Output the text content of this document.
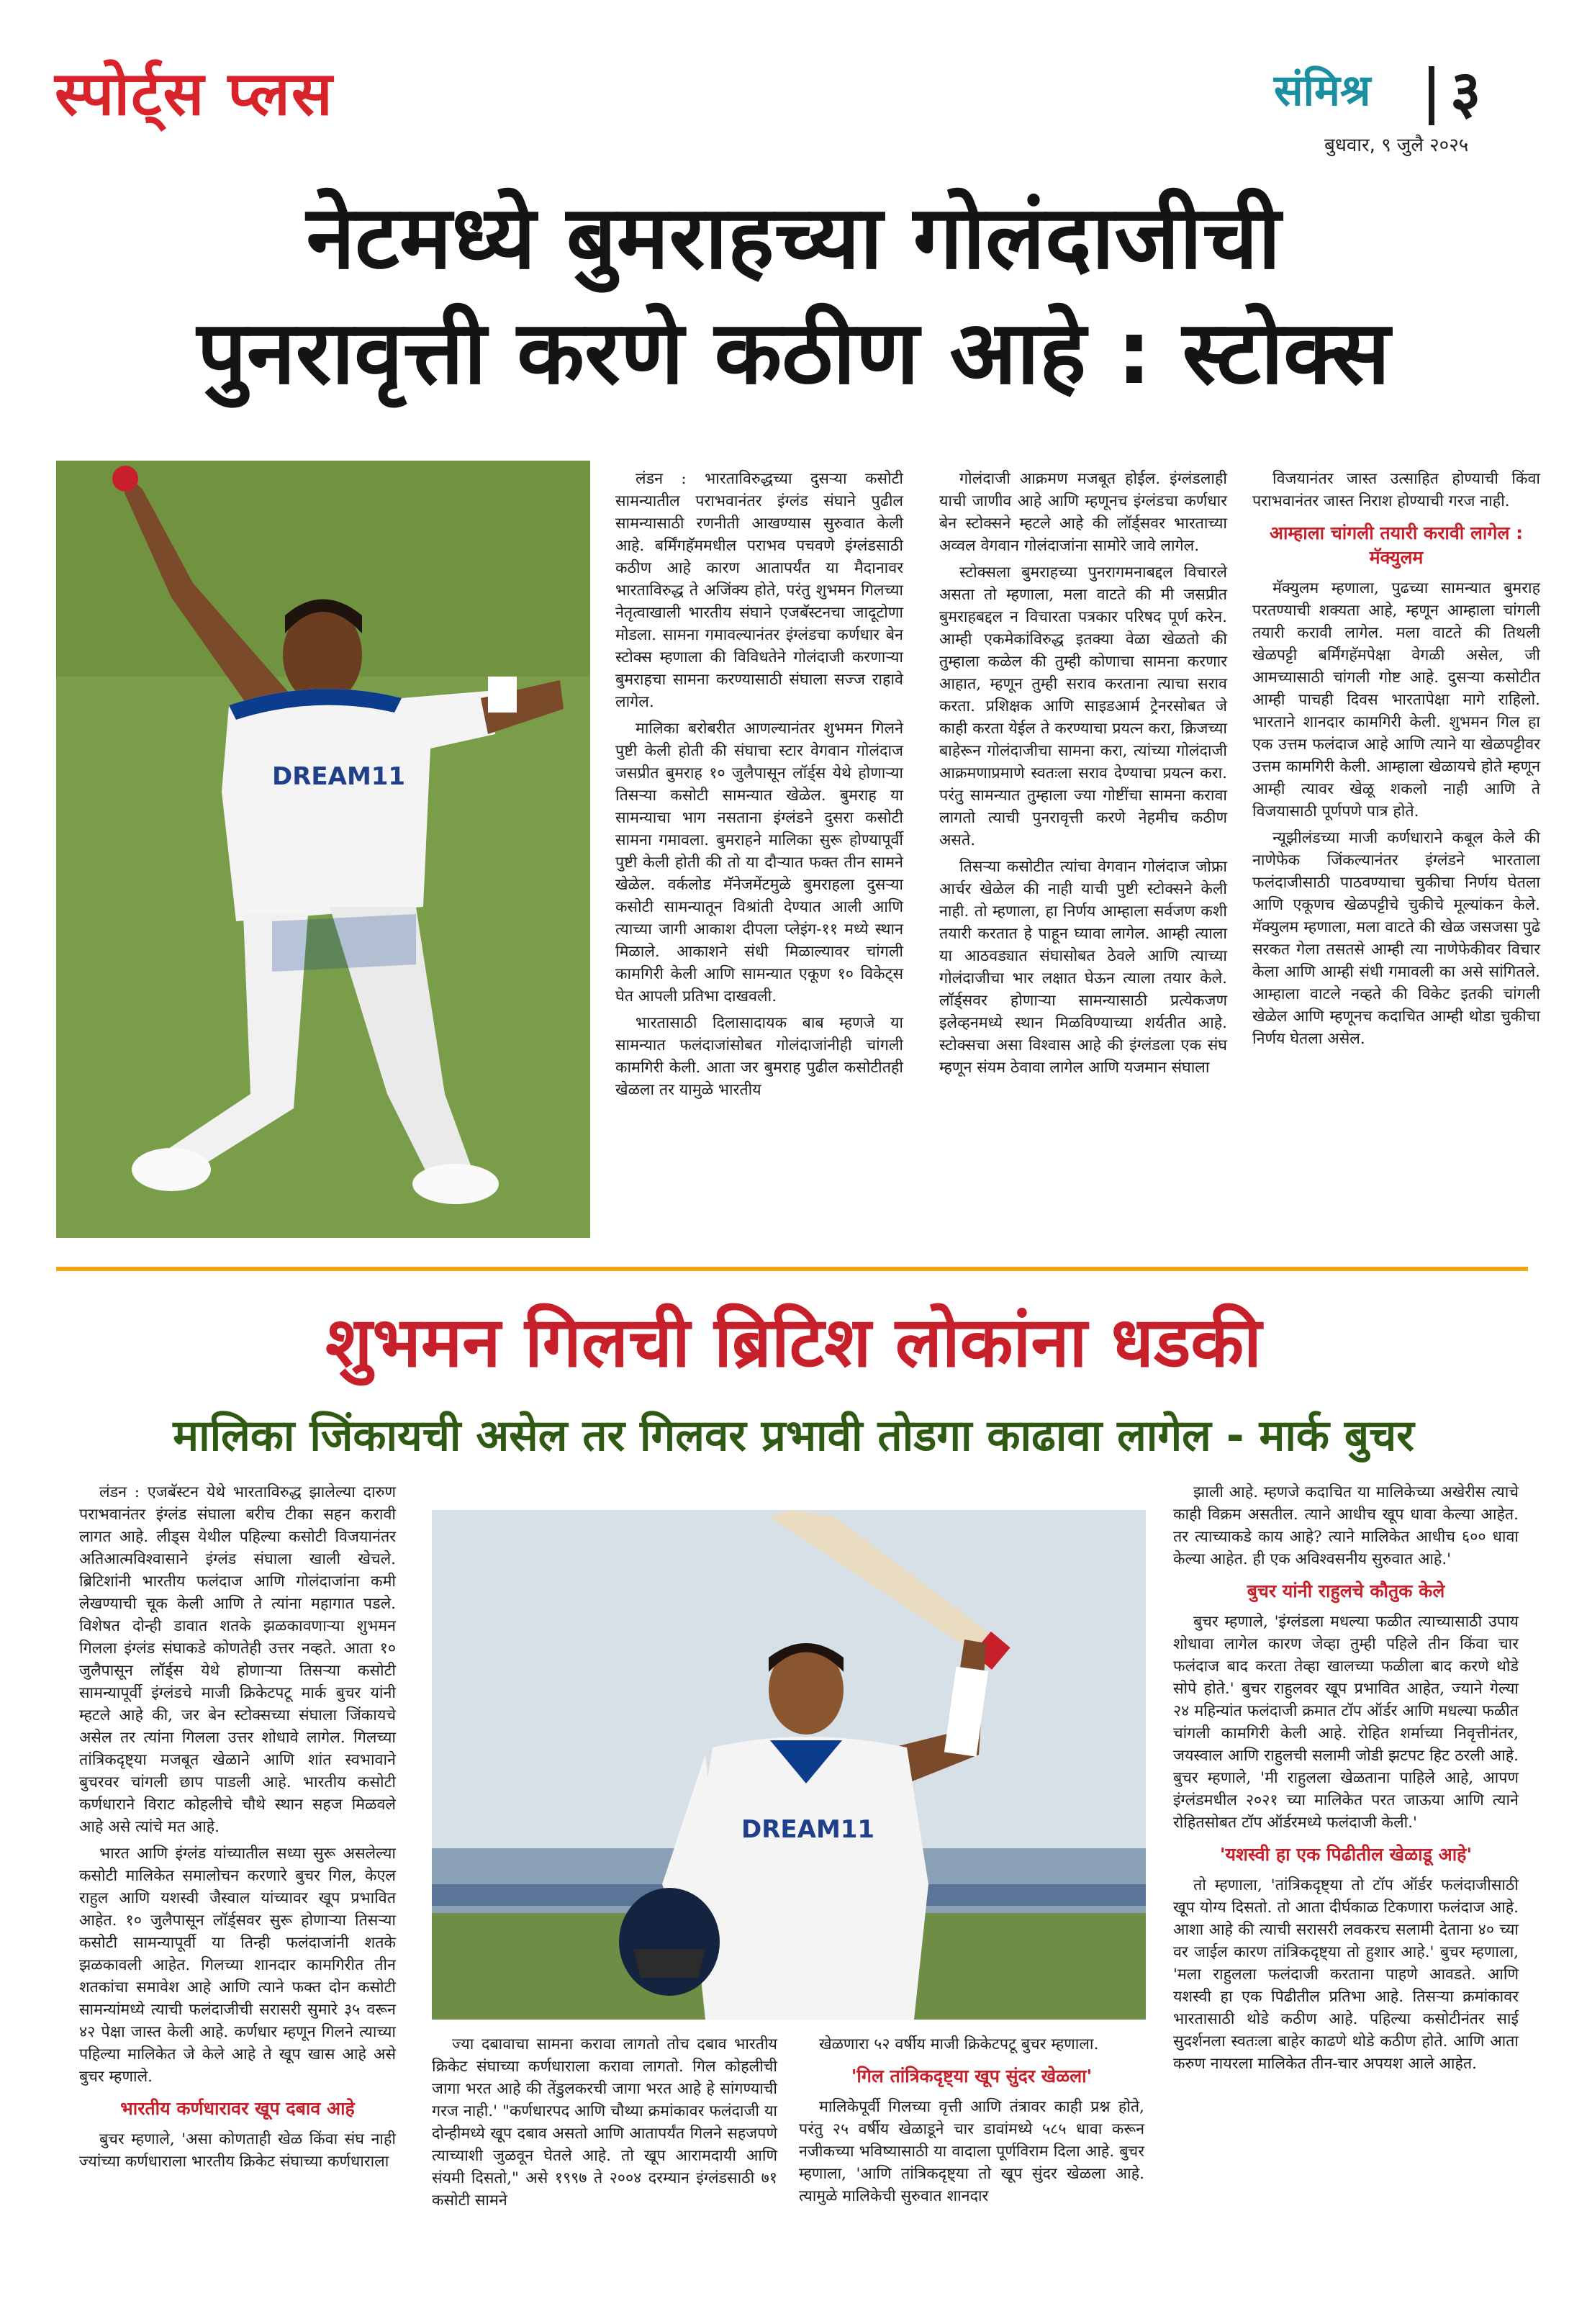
स्पोर्ट्स प्लस	संमिश्र ३
बुधवार, ९ जुलै २०२५
नेटमध्ये बुमराहच्या गोलंदाजीची
पुनरावृत्ती करणे कठीण आहे : स्टोक्स
DREAM11

लंडन : भारताविरुद्धच्या दुसऱ्या कसोटी सामन्यातील पराभवानंतर इंग्लंड संघाने पुढील सामन्यासाठी रणनीती आखण्यास सुरुवात केली आहे. बर्मिंगहॅममधील पराभव पचवणे इंग्लंडसाठी कठीण आहे कारण आतापर्यंत या मैदानावर भारताविरुद्ध ते अजिंक्य होते, परंतु शुभमन गिलच्या नेतृत्वाखाली भारतीय संघाने एजबॅस्टनचा जादूटोणा मोडला. सामना गमावल्यानंतर इंग्लंडचा कर्णधार बेन स्टोक्स म्हणाला की विविधतेने गोलंदाजी करणाऱ्या बुमराहचा सामना करण्यासाठी संघाला सज्ज राहावे लागेल.

मालिका बरोबरीत आणल्यानंतर शुभमन गिलने पुष्टी केली होती की संघाचा स्टार वेगवान गोलंदाज जसप्रीत बुमराह १० जुलैपासून लॉर्ड्स येथे होणाऱ्या तिसऱ्या कसोटी सामन्यात खेळेल. बुमराह या सामन्याचा भाग नसताना इंग्लंडने दुसरा कसोटी सामना गमावला. बुमराहने मालिका सुरू होण्यापूर्वी पुष्टी केली होती की तो या दौऱ्यात फक्त तीन सामने खेळेल. वर्कलोड मॅनेजमेंटमुळे बुमराहला दुसऱ्या कसोटी सामन्यातून विश्रांती देण्यात आली आणि त्याच्या जागी आकाश दीपला प्लेइंग-११ मध्ये स्थान मिळाले. आकाशने संधी मिळाल्यावर चांगली कामगिरी केली आणि सामन्यात एकूण १० विकेट्स घेत आपली प्रतिभा दाखवली.

भारतासाठी दिलासादायक बाब म्हणजे या सामन्यात फलंदाजांसोबत गोलंदाजांनीही चांगली कामगिरी केली. आता जर बुमराह पुढील कसोटीतही खेळला तर यामुळे भारतीय

गोलंदाजी आक्रमण मजबूत होईल. इंग्लंडलाही याची जाणीव आहे आणि म्हणूनच इंग्लंडचा कर्णधार बेन स्टोक्सने म्हटले आहे की लॉर्ड्सवर भारताच्या अव्वल वेगवान गोलंदाजांना सामोरे जावे लागेल.

स्टोक्सला बुमराहच्या पुनरागमनाबद्दल विचारले असता तो म्हणाला, मला वाटते की मी जसप्रीत बुमराहबद्दल न विचारता पत्रकार परिषद पूर्ण करेन. आम्ही एकमेकांविरुद्ध इतक्या वेळा खेळतो की तुम्हाला कळेल की तुम्ही कोणाचा सामना करणार आहात, म्हणून तुम्ही सराव करताना त्याचा सराव करता. प्रशिक्षक आणि साइडआर्म ट्रेनरसोबत जे काही करता येईल ते करण्याचा प्रयत्न करा, क्रिजच्या बाहेरून गोलंदाजीचा सामना करा, त्यांच्या गोलंदाजी आक्रमणाप्रमाणे स्वतःला सराव देण्याचा प्रयत्न करा. परंतु सामन्यात तुम्हाला ज्या गोष्टींचा सामना करावा लागतो त्याची पुनरावृत्ती करणे नेहमीच कठीण असते.

तिसऱ्या कसोटीत त्यांचा वेगवान गोलंदाज जोफ्रा आर्चर खेळेल की नाही याची पुष्टी स्टोक्सने केली नाही. तो म्हणाला, हा निर्णय आम्हाला सर्वजण कशी तयारी करतात हे पाहून घ्यावा लागेल. आम्ही त्याला या आठवड्यात संघासोबत ठेवले आणि त्याच्या गोलंदाजीचा भार लक्षात घेऊन त्याला तयार केले. लॉर्ड्सवर होणाऱ्या सामन्यासाठी प्रत्येकजण इलेव्हनमध्ये स्थान मिळविण्याच्या शर्यतीत आहे. स्टोक्सचा असा विश्वास आहे की इंग्लंडला एक संघ म्हणून संयम ठेवावा लागेल आणि यजमान संघाला

विजयानंतर जास्त उत्साहित होण्याची किंवा पराभवानंतर जास्त निराश होण्याची गरज नाही.

आम्हाला चांगली तयारी करावी लागेल : मॅक्युलम

मॅक्युलम म्हणाला, पुढच्या सामन्यात बुमराह परतण्याची शक्यता आहे, म्हणून आम्हाला चांगली तयारी करावी लागेल. मला वाटते की तिथली खेळपट्टी बर्मिंगहॅमपेक्षा वेगळी असेल, जी आमच्यासाठी चांगली गोष्ट आहे. दुसऱ्या कसोटीत आम्ही पाचही दिवस भारतापेक्षा मागे राहिलो. भारताने शानदार कामगिरी केली. शुभमन गिल हा एक उत्तम फलंदाज आहे आणि त्याने या खेळपट्टीवर उत्तम कामगिरी केली. आम्हाला खेळायचे होते म्हणून आम्ही त्यावर खेळू शकलो नाही आणि ते विजयासाठी पूर्णपणे पात्र होते.

न्यूझीलंडच्या माजी कर्णधाराने कबूल केले की नाणेफेक जिंकल्यानंतर इंग्लंडने भारताला फलंदाजीसाठी पाठवण्याचा चुकीचा निर्णय घेतला आणि एकूणच खेळपट्टीचे चुकीचे मूल्यांकन केले. मॅक्युलम म्हणाला, मला वाटते की खेळ जसजसा पुढे सरकत गेला तसतसे आम्ही त्या नाणेफेकीवर विचार केला आणि आम्ही संधी गमावली का असे सांगितले. आम्हाला वाटले नव्हते की विकेट इतकी चांगली खेळेल आणि म्हणूनच कदाचित आम्ही थोडा चुकीचा निर्णय घेतला असेल.

शुभमन गिलची ब्रिटिश लोकांना धडकी
मालिका जिंकायची असेल तर गिलवर प्रभावी तोडगा काढावा लागेल - मार्क बुचर
DREAM11

लंडन : एजबॅस्टन येथे भारताविरुद्ध झालेल्या दारुण पराभवानंतर इंग्लंड संघाला बरीच टीका सहन करावी लागत आहे. लीड्स येथील पहिल्या कसोटी विजयानंतर अतिआत्मविश्वासाने इंग्लंड संघाला खाली खेचले. ब्रिटिशांनी भारतीय फलंदाज आणि गोलंदाजांना कमी लेखण्याची चूक केली आणि ते त्यांना महागात पडले. विशेषत दोन्ही डावात शतके झळकावणाऱ्या शुभमन गिलला इंग्लंड संघाकडे कोणतेही उत्तर नव्हते. आता १० जुलैपासून लॉर्ड्स येथे होणाऱ्या तिसऱ्या कसोटी सामन्यापूर्वी इंग्लंडचे माजी क्रिकेटपटू मार्क बुचर यांनी म्हटले आहे की, जर बेन स्टोक्सच्या संघाला जिंकायचे असेल तर त्यांना गिलला उत्तर शोधावे लागेल. गिलच्या तांत्रिकदृष्ट्या मजबूत खेळाने आणि शांत स्वभावाने बुचरवर चांगली छाप पाडली आहे. भारतीय कसोटी कर्णधाराने विराट कोहलीचे चौथे स्थान सहज मिळवले आहे असे त्यांचे मत आहे.

भारत आणि इंग्लंड यांच्यातील सध्या सुरू असलेल्या कसोटी मालिकेत समालोचन करणारे बुचर गिल, केएल राहुल आणि यशस्वी जैस्वाल यांच्यावर खूप प्रभावित आहेत. १० जुलैपासून लॉर्ड्सवर सुरू होणाऱ्या तिसऱ्या कसोटी सामन्यापूर्वी या तिन्ही फलंदाजांनी शतके झळकावली आहेत. गिलच्या शानदार कामगिरीत तीन शतकांचा समावेश आहे आणि त्याने फक्त दोन कसोटी सामन्यांमध्ये त्याची फलंदाजीची सरासरी सुमारे ३५ वरून ४२ पेक्षा जास्त केली आहे. कर्णधार म्हणून गिलने त्याच्या पहिल्या मालिकेत जे केले आहे ते खूप खास आहे असे बुचर म्हणाले.

भारतीय कर्णधारावर खूप दबाव आहे

बुचर म्हणाले, 'असा कोणताही खेळ किंवा संघ नाही ज्यांच्या कर्णधाराला भारतीय क्रिकेट संघाच्या कर्णधाराला

ज्या दबावाचा सामना करावा लागतो तोच दबाव भारतीय क्रिकेट संघाच्या कर्णधाराला करावा लागतो. गिल कोहलीची जागा भरत आहे की तेंडुलकरची जागा भरत आहे हे सांगण्याची गरज नाही.' "कर्णधारपद आणि चौथ्या क्रमांकावर फलंदाजी या दोन्हीमध्ये खूप दबाव असतो आणि आतापर्यंत गिलने सहजपणे त्याच्याशी जुळवून घेतले आहे. तो खूप आरामदायी आणि संयमी दिसतो," असे १९९७ ते २००४ दरम्यान इंग्लंडसाठी ७१ कसोटी सामने

खेळणारा ५२ वर्षीय माजी क्रिकेटपटू बुचर म्हणाला.

'गिल तांत्रिकदृष्ट्या खूप सुंदर खेळला'

मालिकेपूर्वी गिलच्या वृत्ती आणि तंत्रावर काही प्रश्न होते, परंतु २५ वर्षीय खेळाडूने चार डावांमध्ये ५८५ धावा करून नजीकच्या भविष्यासाठी या वादाला पूर्णविराम दिला आहे. बुचर म्हणाला, 'आणि तांत्रिकदृष्ट्या तो खूप सुंदर खेळला आहे. त्यामुळे मालिकेची सुरुवात शानदार

झाली आहे. म्हणजे कदाचित या मालिकेच्या अखेरीस त्याचे काही विक्रम असतील. त्याने आधीच खूप धावा केल्या आहेत. तर त्याच्याकडे काय आहे? त्याने मालिकेत आधीच ६०० धावा केल्या आहेत. ही एक अविश्वसनीय सुरुवात आहे.'

बुचर यांनी राहुलचे कौतुक केले

बुचर म्हणाले, 'इंग्लंडला मधल्या फळीत त्याच्यासाठी उपाय शोधावा लागेल कारण जेव्हा तुम्ही पहिले तीन किंवा चार फलंदाज बाद करता तेव्हा खालच्या फळीला बाद करणे थोडे सोपे होते.' बुचर राहुलवर खूप प्रभावित आहेत, ज्याने गेल्या २४ महिन्यांत फलंदाजी क्रमात टॉप ऑर्डर आणि मधल्या फळीत चांगली कामगिरी केली आहे. रोहित शर्माच्या निवृत्तीनंतर, जयस्वाल आणि राहुलची सलामी जोडी झटपट हिट ठरली आहे. बुचर म्हणाले, 'मी राहुलला खेळताना पाहिले आहे, आपण इंग्लंडमधील २०२१ च्या मालिकेत परत जाऊया आणि त्याने रोहितसोबत टॉप ऑर्डरमध्ये फलंदाजी केली.'

'यशस्वी हा एक पिढीतील खेळाडू आहे'

तो म्हणाला, 'तांत्रिकदृष्ट्या तो टॉप ऑर्डर फलंदाजीसाठी खूप योग्य दिसतो. तो आता दीर्घकाळ टिकणारा फलंदाज आहे. आशा आहे की त्याची सरासरी लवकरच सलामी देताना ४० च्या वर जाईल कारण तांत्रिकदृष्ट्या तो हुशार आहे.' बुचर म्हणाला, 'मला राहुलला फलंदाजी करताना पाहणे आवडते. आणि यशस्वी हा एक पिढीतील प्रतिभा आहे. तिसऱ्या क्रमांकावर भारतासाठी थोडे कठीण आहे. पहिल्या कसोटीनंतर साई सुदर्शनला स्वतःला बाहेर काढणे थोडे कठीण होते. आणि आता करुण नायरला मालिकेत तीन-चार अपयश आले आहेत.
